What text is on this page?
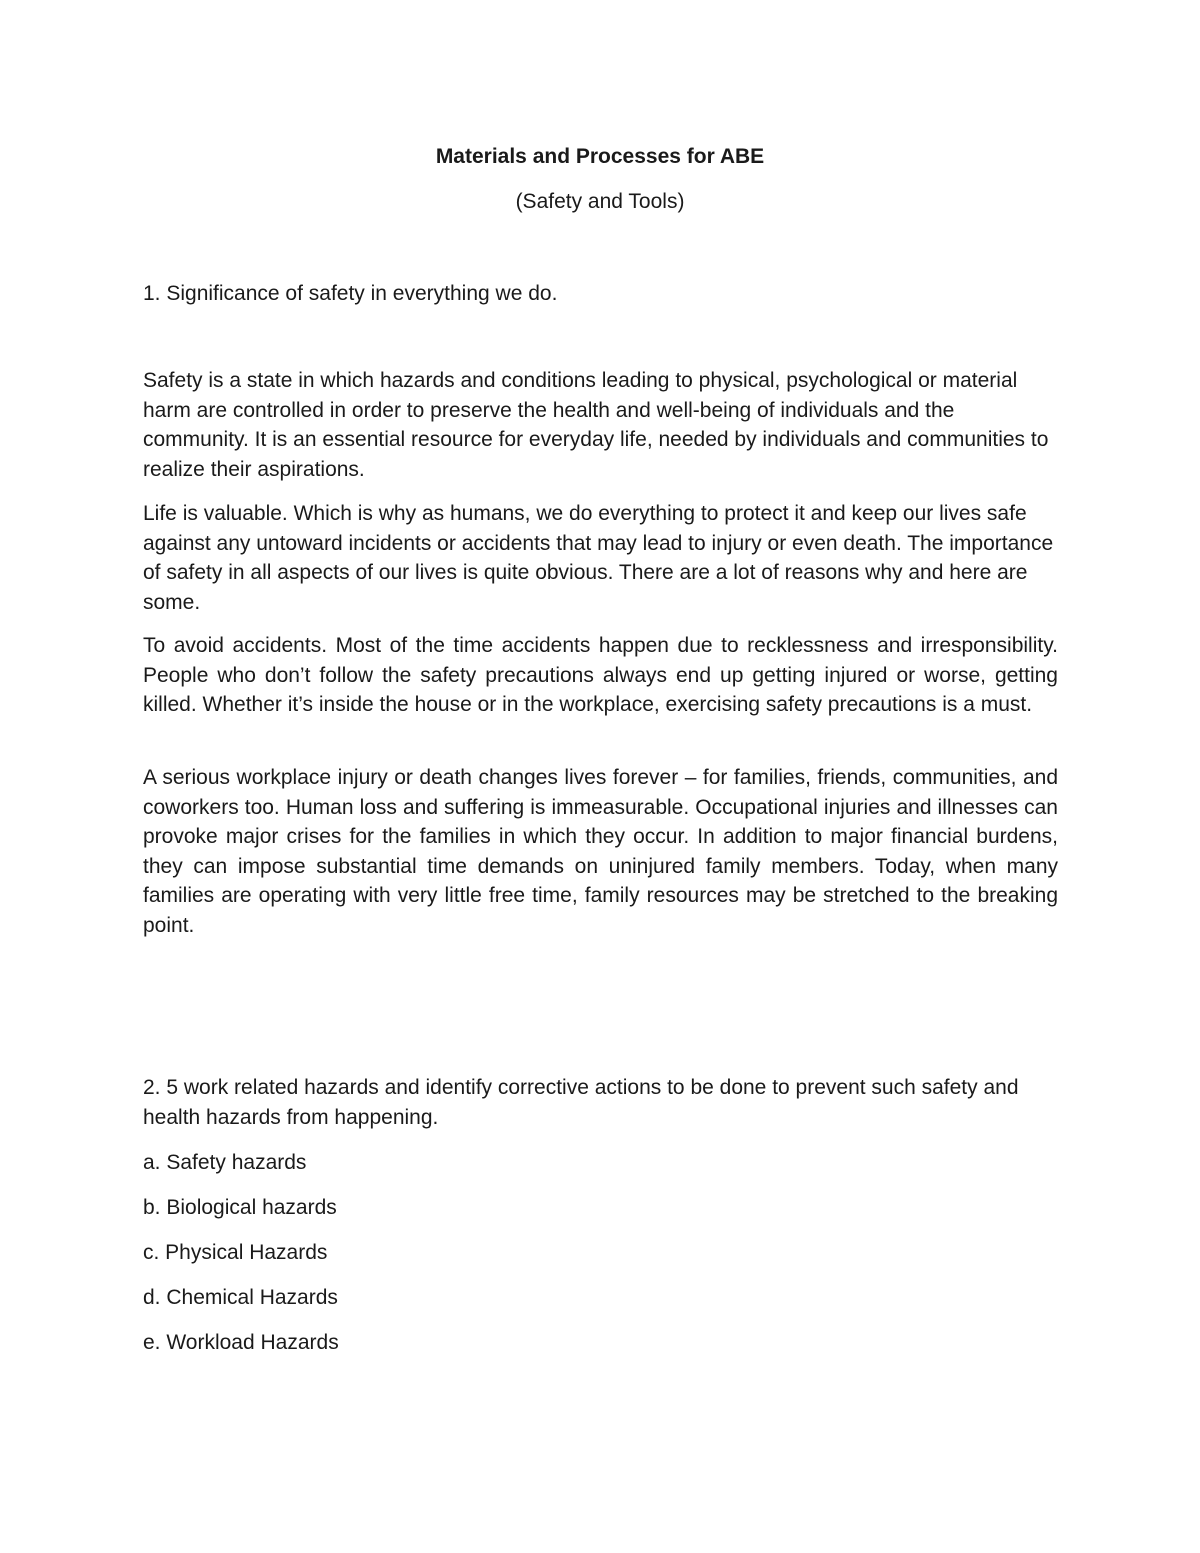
Materials and Processes for ABE

(Safety and Tools)

1. Significance of safety in everything we do.

Safety is a state in which hazards and conditions leading to physical, psychological or material harm are controlled in order to preserve the health and well-being of individuals and the community. It is an essential resource for everyday life, needed by individuals and communities to realize their aspirations.

Life is valuable. Which is why as humans, we do everything to protect it and keep our lives safe against any untoward incidents or accidents that may lead to injury or even death. The importance of safety in all aspects of our lives is quite obvious. There are a lot of reasons why and here are some.

To avoid accidents. Most of the time accidents happen due to recklessness and irresponsibility. People who don’t follow the safety precautions always end up getting injured or worse, getting killed. Whether it’s inside the house or in the workplace, exercising safety precautions is a must.

A serious workplace injury or death changes lives forever – for families, friends, communities, and coworkers too. Human loss and suffering is immeasurable. Occupational injuries and illnesses can provoke major crises for the families in which they occur. In addition to major financial burdens, they can impose substantial time demands on uninjured family members. Today, when many families are operating with very little free time, family resources may be stretched to the breaking point.

2. 5 work related hazards and identify corrective actions to be done to prevent such safety and health hazards from happening.

a. Safety hazards
b. Biological hazards
c. Physical Hazards
d. Chemical Hazards
e. Workload Hazards
